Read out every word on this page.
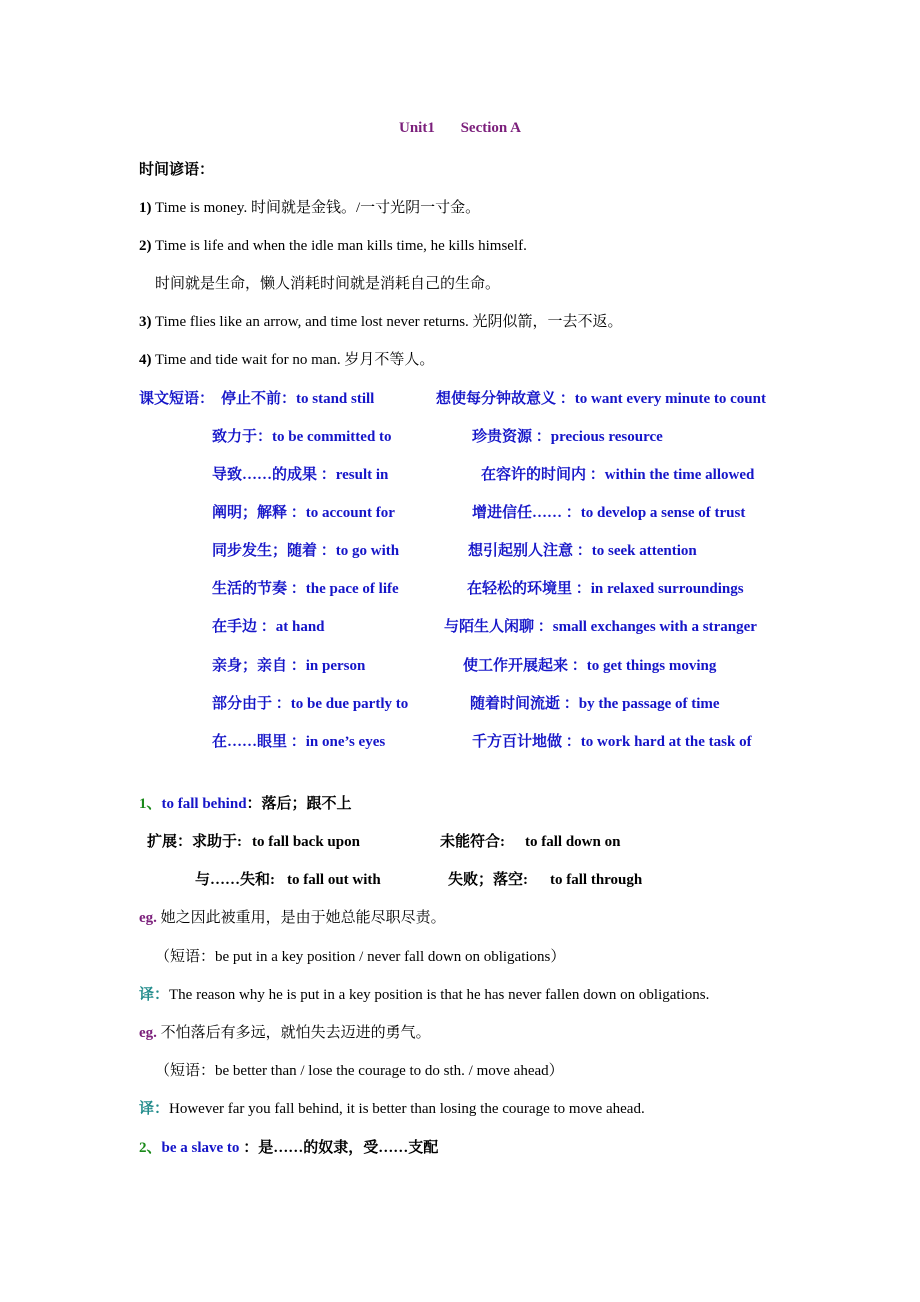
Unit1 Section A
时间谚语：
1) Time is money. 时间就是金钱。/一寸光阴一寸金。
2) Time is life and when the idle man kills time, he kills himself.
时间就是生命，懒人消耗时间就是消耗自己的生命。
3) Time flies like an arrow, and time lost never returns. 光阴似箭，一去不返。
4) Time and tide wait for no man. 岁月不等人。
课文短语： 停止不前：to stand still	想使每分钟故意义 ：to want every minute to count
致力于：to be committed to	珍贵资源 ：precious resource
导致……的成果 ：result in	在容许的时间内 ：within the time allowed
阐明；解释 ：to account for	增进信任…… ：to develop a sense of trust
同步发生；随着 ：to go with	想引起别人注意 ：to seek attention
生活的节奏 ：the pace of life	在轻松的环境里 ：in relaxed surroundings
在手边 ：at hand	与陌生人闲聊 ：small exchanges with a stranger
亲身；亲自 ：in person	使工作开展起来 ：to get things moving
部分由于 ：to be due partly to	随着时间流逝 ：by the passage of time
在……眼里 ：in one’s eyes	千方百计地做 ：to work hard at the task of
1、to fall behind：落后；跟不上
扩展：求助于: to fall back upon	未能符合: to fall down on
与……失和: to fall out with	失败；落空: to fall through
eg. 她之因此被重用，是由于她总能尽职尽责。
（短语：be put in a key position / never fall down on obligations）
译：The reason why he is put in a key position is that he has never fallen down on obligations.
eg. 不怕落后有多远，就怕失去迈进的勇气。
（短语：be better than / lose the courage to do sth. / move ahead）
译：However far you fall behind, it is better than losing the courage to move ahead.
2、be a slave to ：是……的奴隶，受……支配
